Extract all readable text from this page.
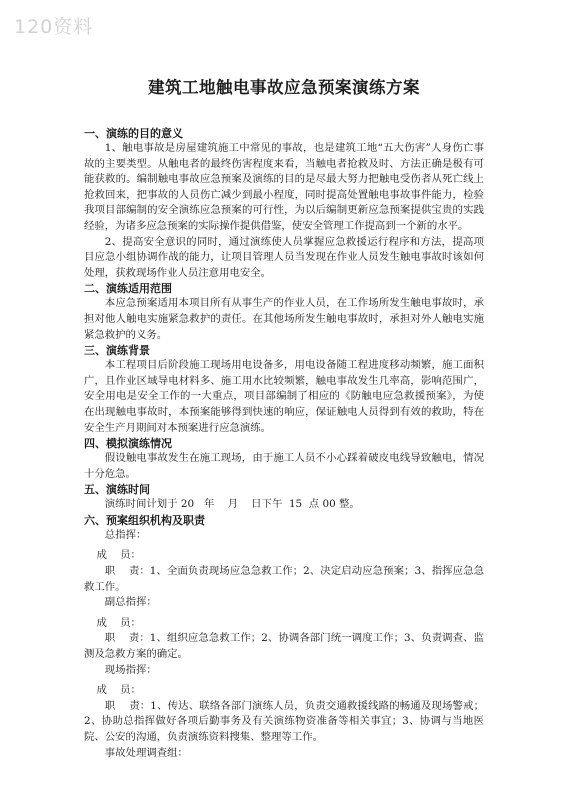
120资料
建筑工地触电事故应急预案演练方案

一、演练的目的意义

1、触电事故是房屋建筑施工中常见的事故，也是建筑工地“五大伤害”人身伤亡事故的主要类型。从触电者的最终伤害程度来看，当触电者抢救及时、方法正确是极有可能获救的。编制触电事故应急预案及演练的目的是尽最大努力把触电受伤者从死亡线上抢救回来，把事故的人员伤亡减少到最小程度，同时提高处置触电事故事件能力，检验我项目部编制的安全演练应急预案的可行性，为以后编制更新应急预案提供宝贵的实践经验，为诸多应急预案的实际操作提供借鉴，使安全管理工作提高到一个新的水平。

2、提高安全意识的同时，通过演练使人员掌握应急救援运行程序和方法，提高项目应急小组协调作战的能力，让项目管理人员当发现在作业人员发生触电事故时该如何处理，获救现场作业人员注意用电安全。

二、演练适用范围

本应急预案适用本项目所有从事生产的作业人员，在工作场所发生触电事故时，承担对他人触电实施紧急救护的责任。在其他场所发生触电事故时，承担对外人触电实施紧急救护的义务。

三、演练背景

本工程项目后阶段施工现场用电设备多，用电设备随工程进度移动频繁，施工面积广，且作业区域导电材料多、施工用水比较频繁，触电事故发生几率高，影响范围广，安全用电是安全工作的一大重点，项目部编制了相应的《防触电应急救援预案》，为使在出现触电事故时，本预案能够得到快速的响应，保证触电人员得到有效的救助，特在安全生产月期间对本预案进行应急演练。

四、模拟演练情况

假设触电事故发生在施工现场，由于施工人员不小心踩着破皮电线导致触电，情况十分危急。

五、演练时间

演练时间计划于 20   年    月    日下午  15  点 00 整。

六、预案组织机构及职责

总指挥：

成    员：

职    责：1、全面负责现场应急急救工作；2、决定启动应急预案；3、指挥应急急救工作。

副总指挥：

成    员：

职    责：1、组织应急急救工作；2、协调各部门统一调度工作；3、负责调查、监测及急救方案的确定。

现场指挥：

成    员：

职    责：1、传达、联络各部门演练人员，负责交通救援线路的畅通及现场警戒；2、协助总指挥做好各项后勤事务及有关演练物资准备等相关事宜；3、协调与当地医院、公安的沟通，负责演练资料搜集、整理等工作。

事故处理调查组：
